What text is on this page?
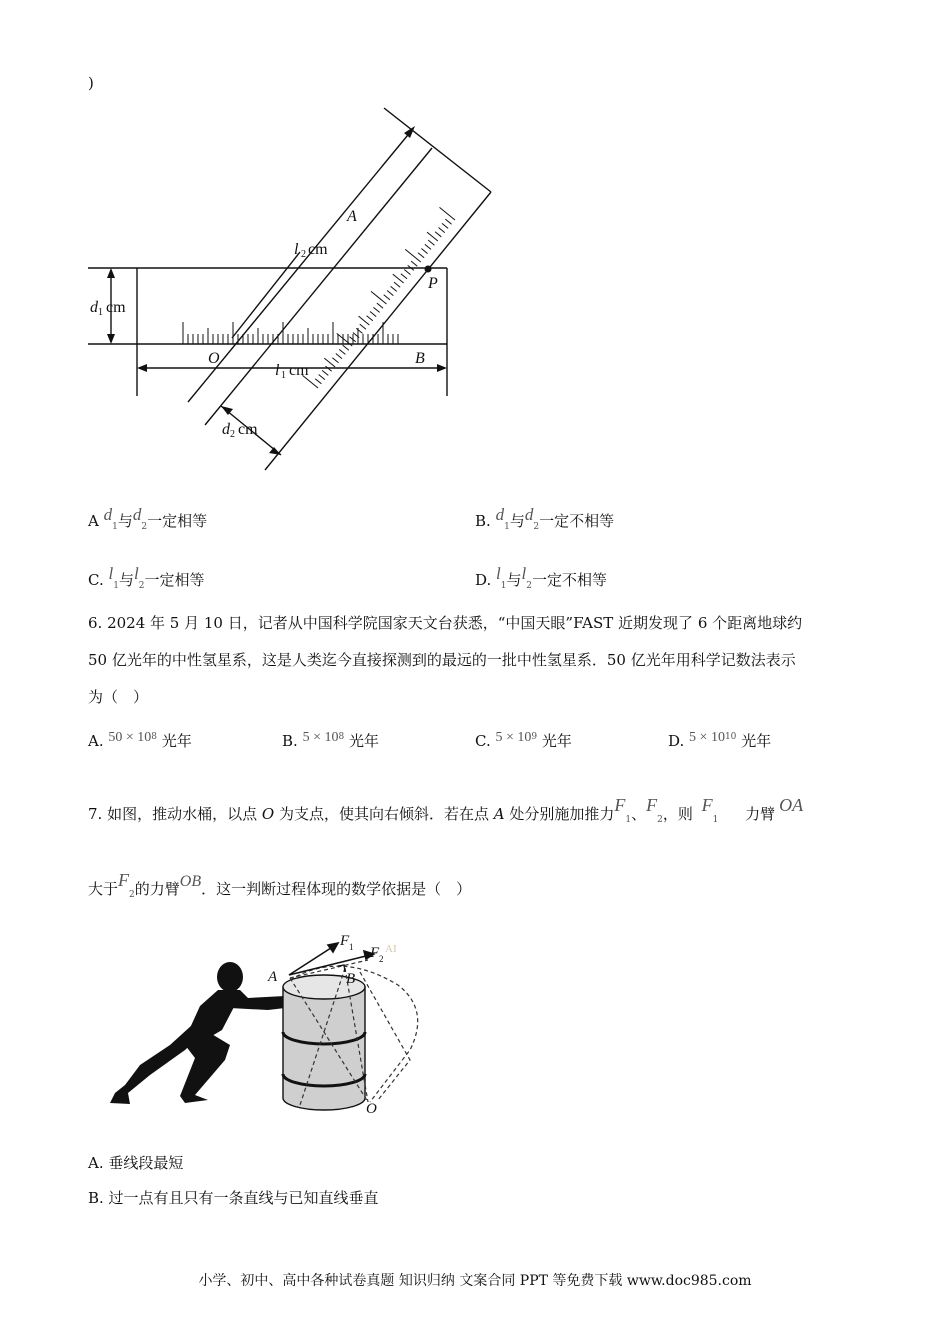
)
A
P
O	B
l 2 cm
d 1 cm
l 1 cm
d 2 cm
A $d_1$与$d_2$一定相等	B. $d_1$与$d_2$一定不相等
C. $l_1$与$l_2$一定相等	D. $l_1$与$l_2$一定不相等
6. 2024 年 5 月 10 日，记者从中国科学院国家天文台获悉，“中国天眼”FAST 近期发现了 6 个距离地球约
50 亿光年的中性氢星系，这是人类迄今直接探测到的最远的一批中性氢星系．50 亿光年用科学记数法表示
为（　）
A. $50 \times 10^8$ 光年	B. $5 \times 10^8$ 光年	C. $5 \times 10^9$ 光年	D. $5 \times 10^{10}$ 光年
7. 如图，推动水桶，以点 O 为支点，使其向右倾斜．若在点 A 处分别施加推力$F_1$、$F_2$，则 $F_1$ 力臂 OA
大于$F_2$的力臂OB．这一判断过程体现的数学依据是（　）
F 1 F 2
A	B
O
AI
A. 垂线段最短
B. 过一点有且只有一条直线与已知直线垂直
小学、初中、高中各种试卷真题 知识归纳 文案合同 PPT 等免费下载 www.doc985.com
